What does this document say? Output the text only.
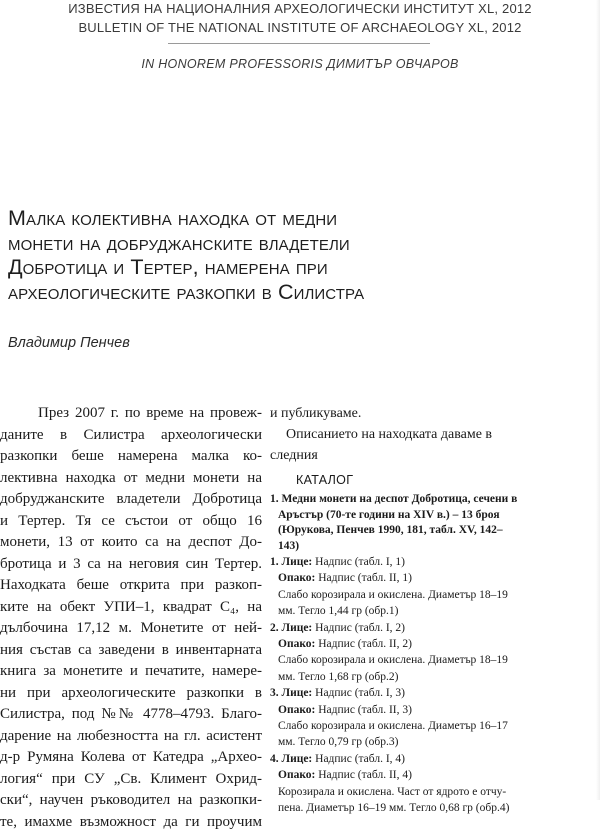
ИЗВЕСТИЯ НА НАЦИОНАЛНИЯ АРХЕОЛОГИЧЕСКИ ИНСТИТУТ XL, 2012
BULLETIN OF THE NATIONAL INSTITUTE OF ARCHAEOLOGY XL, 2012
IN HONOREM PROFESSORIS ДИМИТЪР ОВЧАРОВ
Малка колективна находка от медни
монети на добруджанските владетели
Добротица и Тертер, намерена при
археологическите разкопки в Силистра
Владимир Пенчев
През 2007 г. по време на провеж-
даните в Силистра археологически
разкопки беше намерена малка ко-
лективна находка от медни монети на
добруджанските владетели Добротица
и Тертер. Тя се състои от общо 16
монети, 13 от които са на деспот До-
бротица и 3 са на неговия син Тертер.
Находката беше открита при разкоп-
ките на обект УПИ–1, квадрат C₄, на
дълбочина 17,12 м. Монетите от ней-
ния състав са заведени в инвентарната
книга за монетите и печатите, намере-
ни при археологическите разкопки в
Силистра, под №№ 4778–4793. Благо-
дарение на любезността на гл. асистент
д-р Румяна Колева от Катедра „Архео-
логия“ при СУ „Св. Климент Охрид-
ски“, научен ръководител на разкопки-
те, имахме възможност да ги проучим
и публикуваме.
Описанието на находката даваме в
следния
КАТАЛОГ
1. Медни монети на деспот Добротица, сечени в
Аръстър (70-те години на XIV в.) – 13 броя
(Юрукова, Пенчев 1990, 181, табл. XV, 142–
143)
1. Лице: Надпис (табл. I, 1)
Опако: Надпис (табл. II, 1)
Слабо корозирала и окислена. Диаметър 18–19
мм. Тегло 1,44 гр (обр.1)
2. Лице: Надпис (табл. I, 2)
Опако: Надпис (табл. II, 2)
Слабо корозирала и окислена. Диаметър 18–19
мм. Тегло 1,68 гр (обр.2)
3. Лице: Надпис (табл. I, 3)
Опако: Надпис (табл. II, 3)
Слабо корозирала и окислена. Диаметър 16–17
мм. Тегло 0,79 гр (обр.3)
4. Лице: Надпис (табл. I, 4)
Опако: Надпис (табл. II, 4)
Корозирала и окислена. Част от ядрото е отчу-
пена. Диаметър 16–19 мм. Тегло 0,68 гр (обр.4)
